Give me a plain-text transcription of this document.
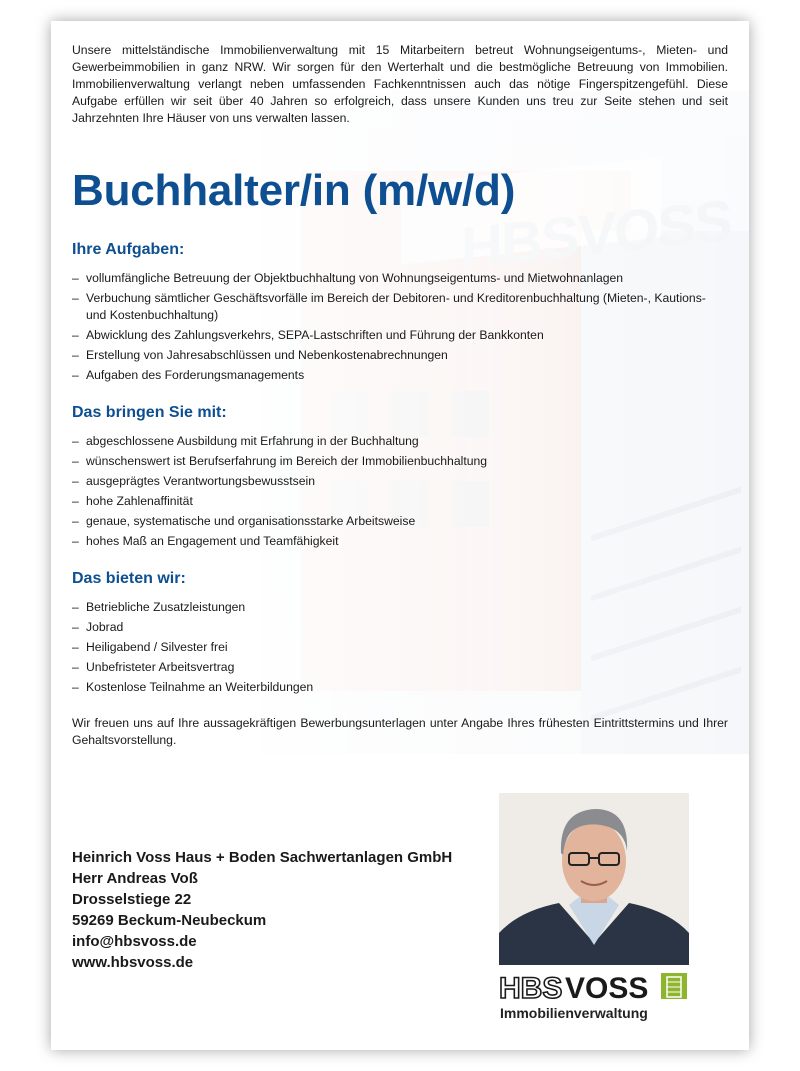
Unsere mittelständische Immobilienverwaltung mit 15 Mitarbeitern betreut Wohnungseigentums-, Mieten- und Gewerbeimmobilien in ganz NRW. Wir sorgen für den Werterhalt und die bestmögliche Betreuung von Immobilien. Immobilienverwaltung verlangt neben umfassenden Fachkenntnissen auch das nötige Fingerspitzengefühl. Diese Aufgabe erfüllen wir seit über 40 Jahren so erfolgreich, dass unsere Kunden uns treu zur Seite stehen und seit Jahrzehnten Ihre Häuser von uns verwalten lassen.

Buchhalter/in (m/w/d)
Ihre Aufgaben:
– vollumfängliche Betreuung der Objektbuchhaltung von Wohnungseigentums- und Mietwohnanlagen
– Verbuchung sämtlicher Geschäftsvorfälle im Bereich der Debitoren- und Kreditorenbuchhaltung (Mieten-, Kautions- und Kostenbuchhaltung)
– Abwicklung des Zahlungsverkehrs, SEPA-Lastschriften und Führung der Bankkonten
– Erstellung von Jahresabschlüssen und Nebenkostenabrechnungen
– Aufgaben des Forderungsmanagements
Das bringen Sie mit:
– abgeschlossene Ausbildung mit Erfahrung in der Buchhaltung
– wünschenswert ist Berufserfahrung im Bereich der Immobilienbuchhaltung
– ausgeprägtes Verantwortungsbewusstsein
– hohe Zahlenaffinität
– genaue, systematische und organisationsstarke Arbeitsweise
– hohes Maß an Engagement und Teamfähigkeit
Das bieten wir:
– Betriebliche Zusatzleistungen
– Jobrad
– Heiligabend / Silvester frei
– Unbefristeter Arbeitsvertrag
– Kostenlose Teilnahme an Weiterbildungen

Wir freuen uns auf Ihre aussagekräftigen Bewerbungsunterlagen unter Angabe Ihres frühesten Eintrittstermins und Ihrer Gehaltsvorstellung.

Heinrich Voss Haus + Boden Sachwertanlagen GmbH
Herr Andreas Voß
Drosselstiege 22
59269 Beckum-Neubeckum
info@hbsvoss.de
www.hbsvoss.de
HBS VOSS
Immobilienverwaltung
